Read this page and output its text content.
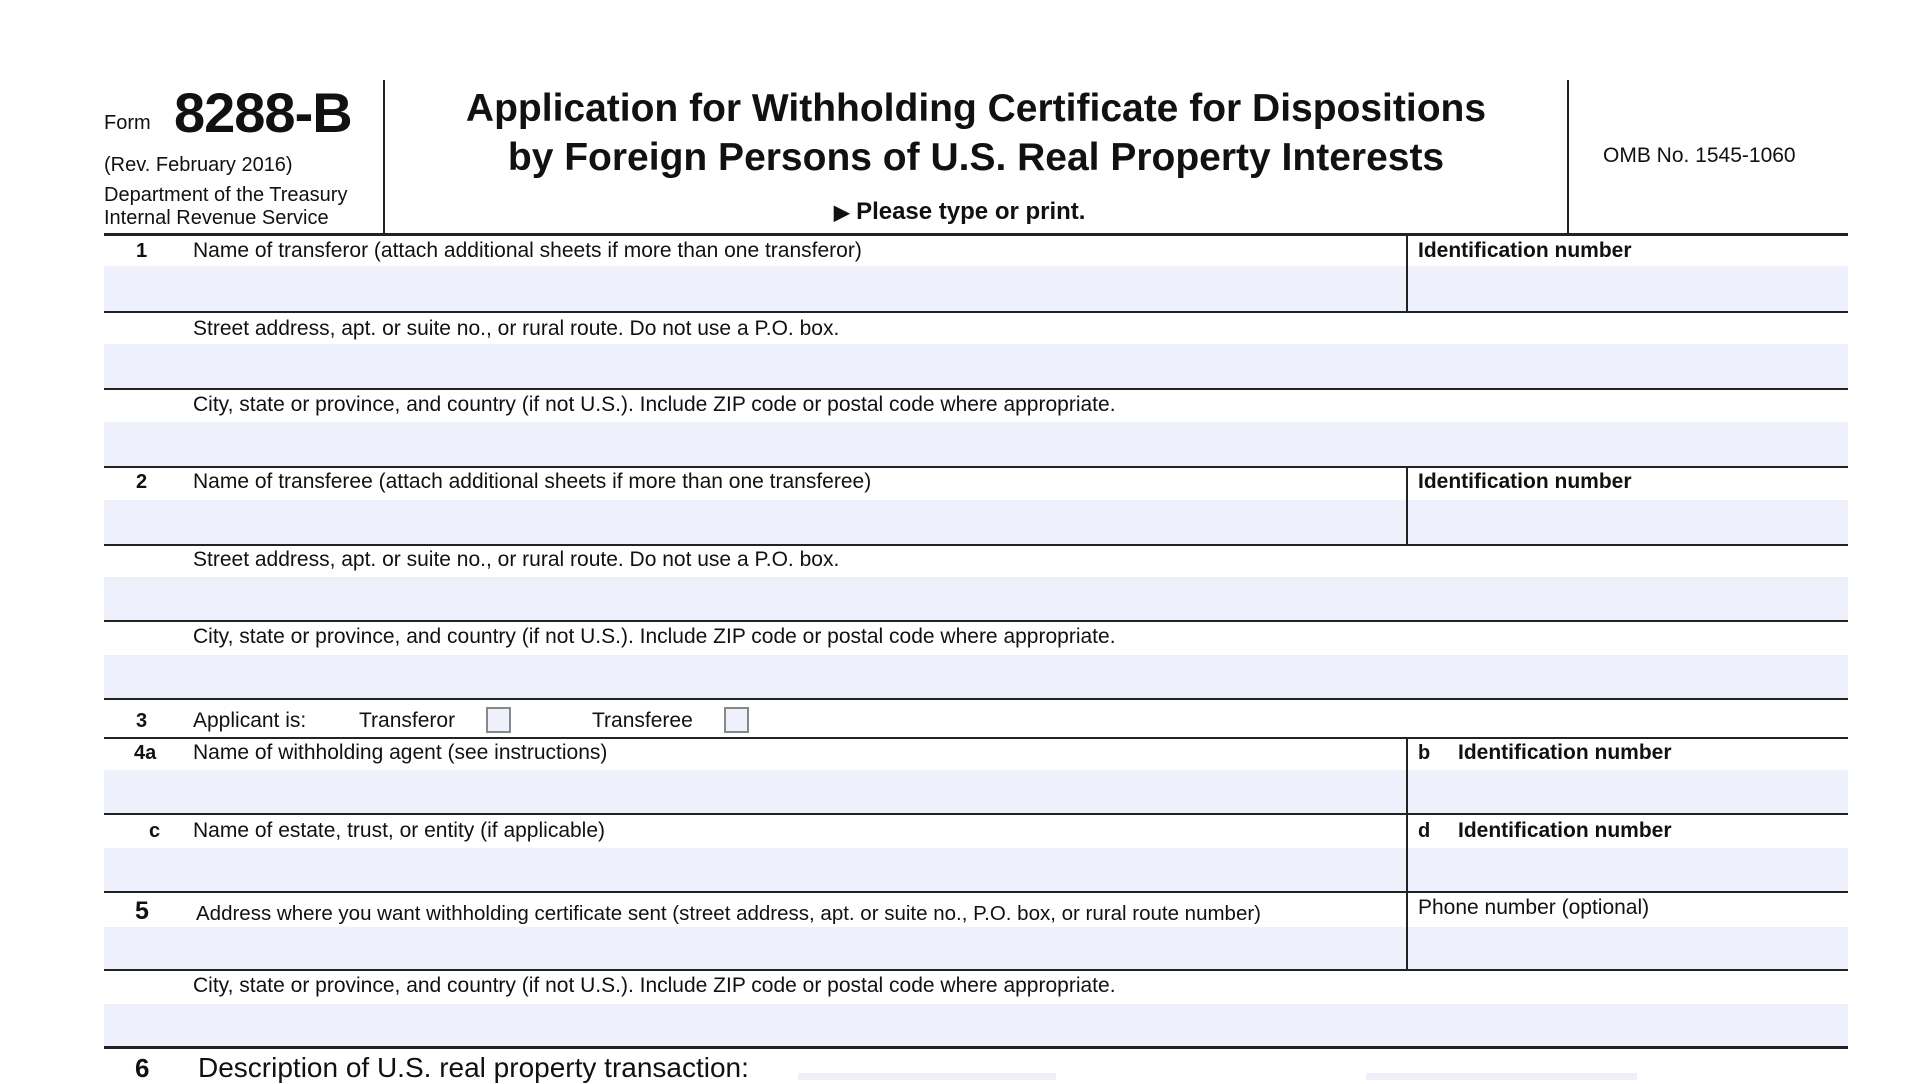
Form 8288-B
(Rev. February 2016)
Department of the Treasury
Internal Revenue Service
Application for Withholding Certificate for Dispositions
by Foreign Persons of U.S. Real Property Interests
▶ Please type or print.
OMB No. 1545-1060
1 Name of transferor (attach additional sheets if more than one transferor)	Identification number
Street address, apt. or suite no., or rural route. Do not use a P.O. box.
City, state or province, and country (if not U.S.). Include ZIP code or postal code where appropriate.
2 Name of transferee (attach additional sheets if more than one transferee)	Identification number
Street address, apt. or suite no., or rural route. Do not use a P.O. box.
City, state or province, and country (if not U.S.). Include ZIP code or postal code where appropriate.
3 Applicant is:	Transferor	Transferee
4a Name of withholding agent (see instructions)	b Identification number
c Name of estate, trust, or entity (if applicable)	d Identification number
5 Address where you want withholding certificate sent (street address, apt. or suite no., P.O. box, or rural route number)	Phone number (optional)
City, state or province, and country (if not U.S.). Include ZIP code or postal code where appropriate.
6 Description of U.S. real property transaction:
